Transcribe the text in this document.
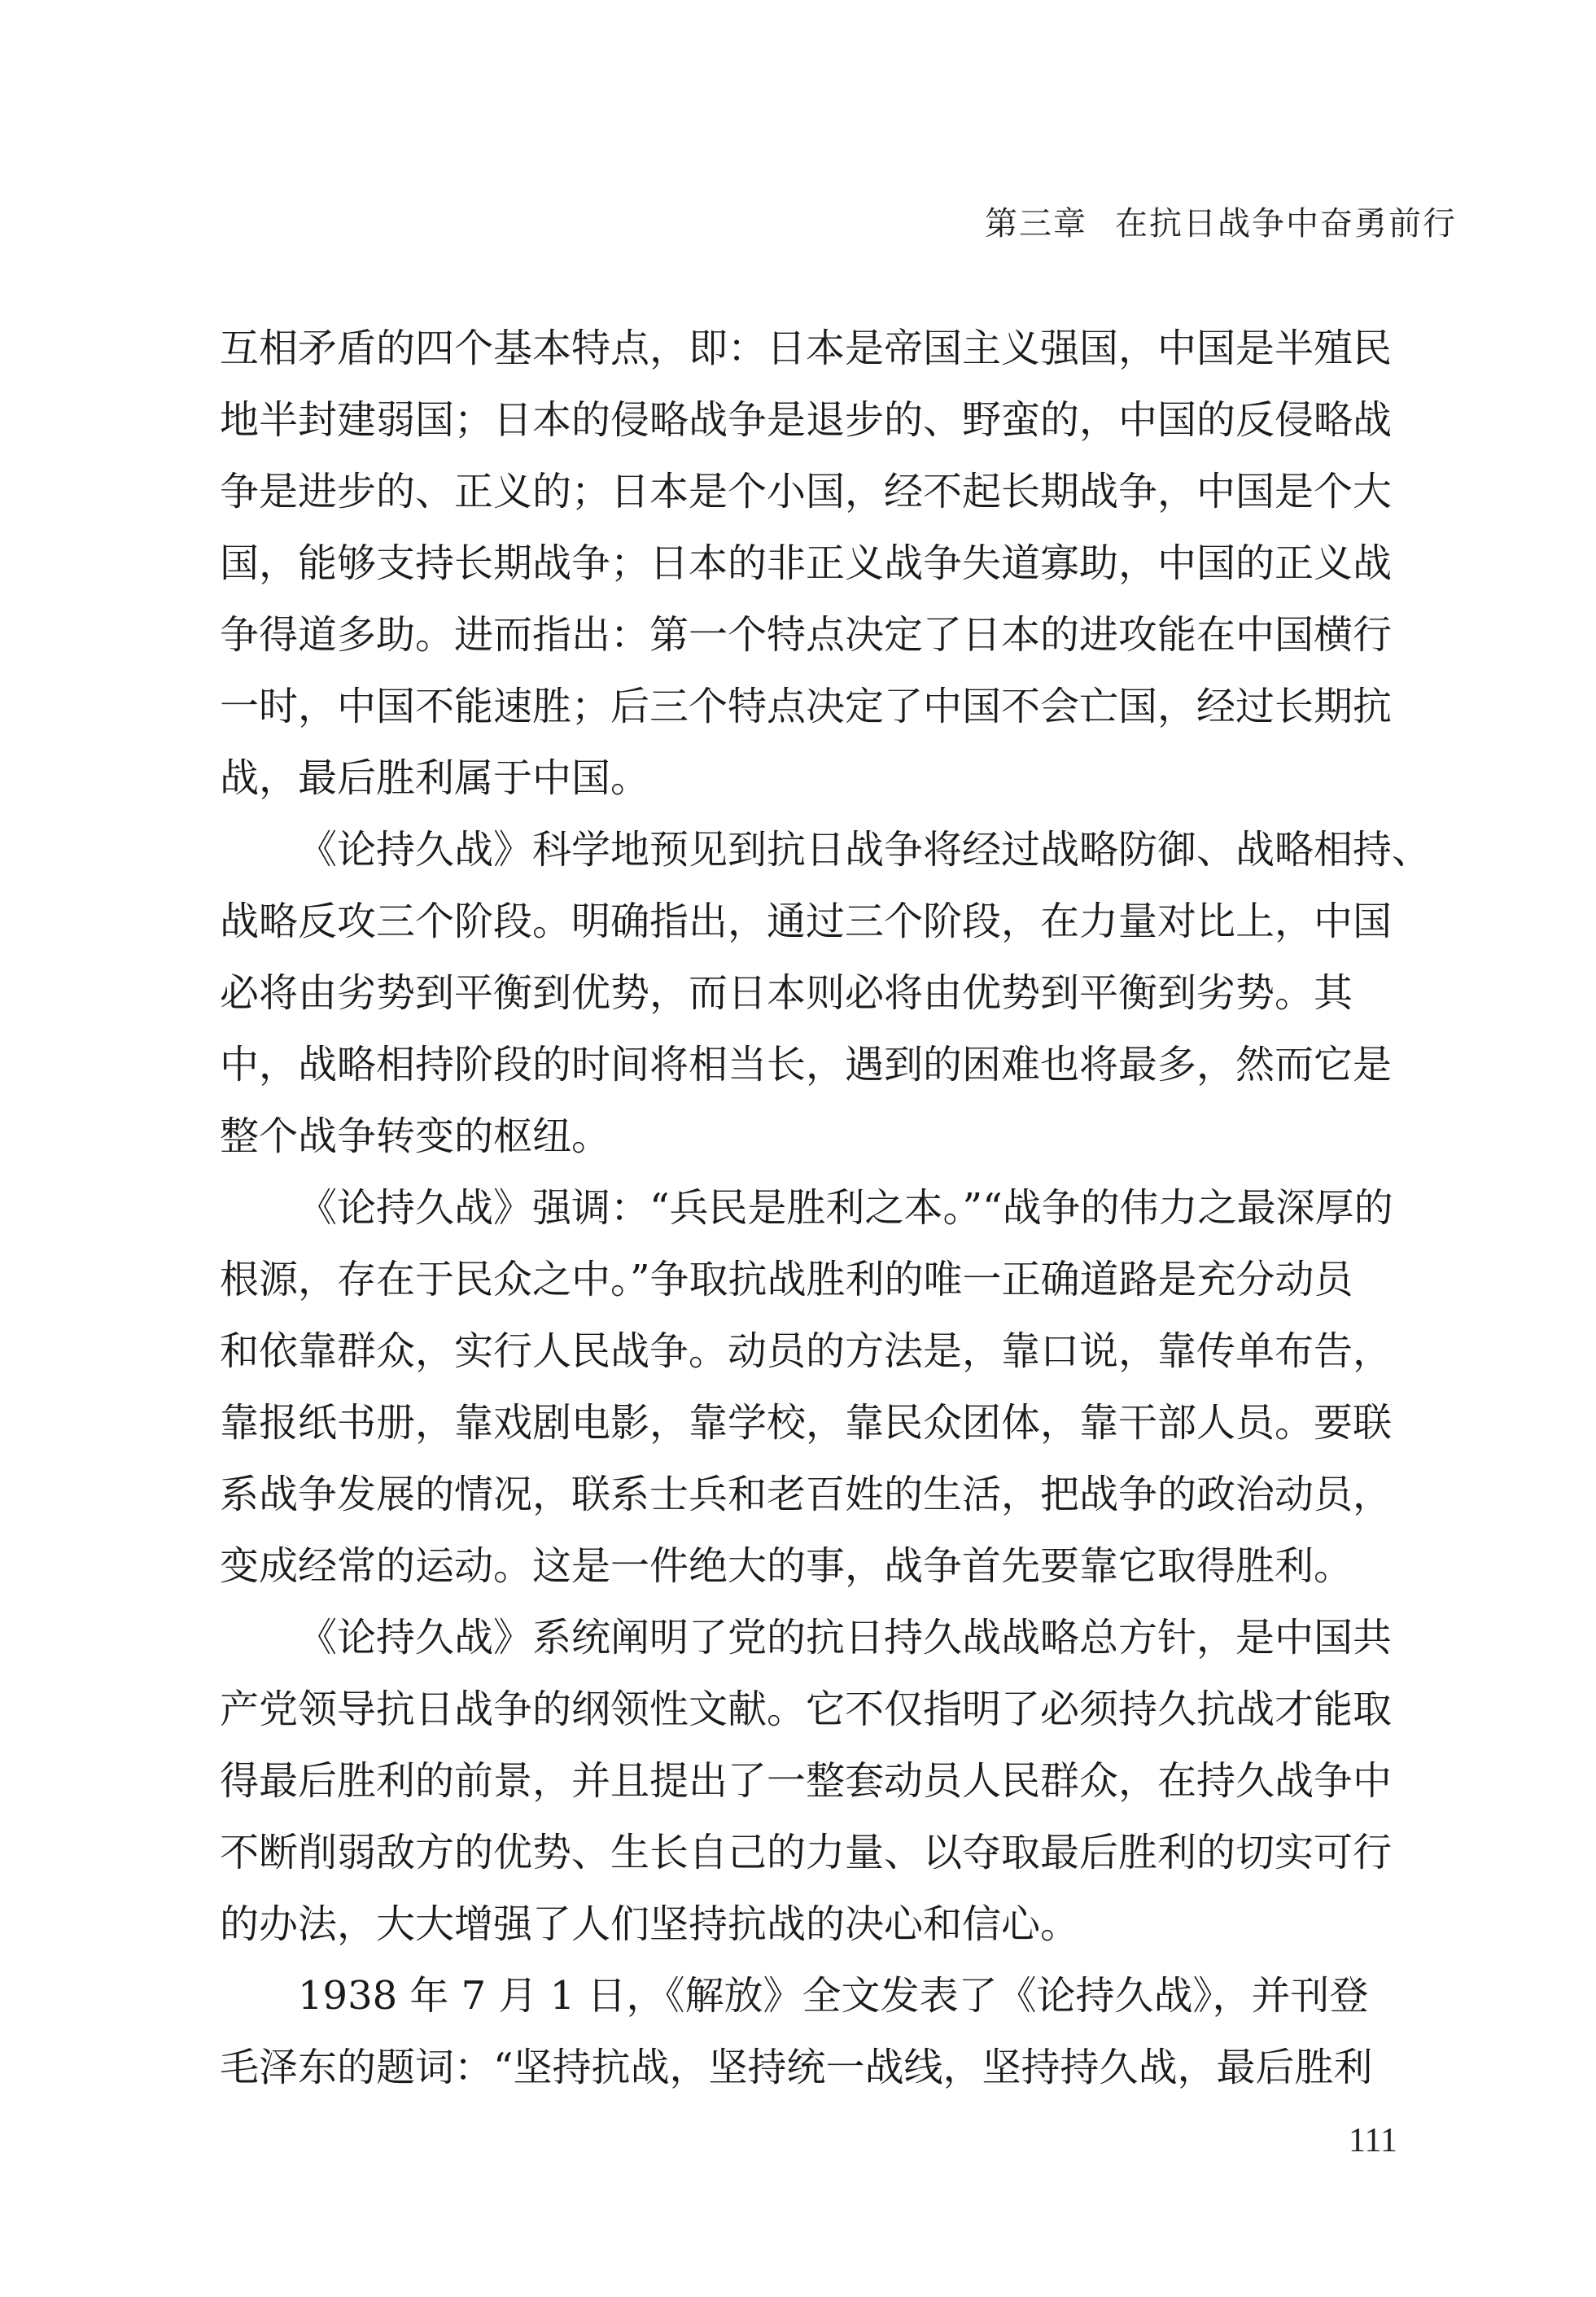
第三章 在抗日战争中奋勇前行
互相矛盾的四个基本特点，即：日本是帝国主义强国，中国是半殖民
地半封建弱国；日本的侵略战争是退步的、野蛮的，中国的反侵略战
争是进步的、正义的；日本是个小国，经不起长期战争，中国是个大
国，能够支持长期战争；日本的非正义战争失道寡助，中国的正义战
争得道多助。进而指出：第一个特点决定了日本的进攻能在中国横行
一时，中国不能速胜；后三个特点决定了中国不会亡国，经过长期抗
战，最后胜利属于中国。
《论持久战》科学地预见到抗日战争将经过战略防御、战略相持、
战略反攻三个阶段。明确指出，通过三个阶段，在力量对比上，中国
必将由劣势到平衡到优势，而日本则必将由优势到平衡到劣势。其
中，战略相持阶段的时间将相当长，遇到的困难也将最多，然而它是
整个战争转变的枢纽。
《论持久战》强调：“兵民是胜利之本。”“战争的伟力之最深厚的
根源，存在于民众之中。”争取抗战胜利的唯一正确道路是充分动员
和依靠群众，实行人民战争。动员的方法是，靠口说，靠传单布告，
靠报纸书册，靠戏剧电影，靠学校，靠民众团体，靠干部人员。要联
系战争发展的情况，联系士兵和老百姓的生活，把战争的政治动员，
变成经常的运动。这是一件绝大的事，战争首先要靠它取得胜利。
《论持久战》系统阐明了党的抗日持久战战略总方针，是中国共
产党领导抗日战争的纲领性文献。它不仅指明了必须持久抗战才能取
得最后胜利的前景，并且提出了一整套动员人民群众，在持久战争中
不断削弱敌方的优势、生长自己的力量、以夺取最后胜利的切实可行
的办法，大大增强了人们坚持抗战的决心和信心。
1938 年 7 月 1 日，《解放》全文发表了《论持久战》，并刊登
毛泽东的题词：“坚持抗战，坚持统一战线，坚持持久战，最后胜利
111
